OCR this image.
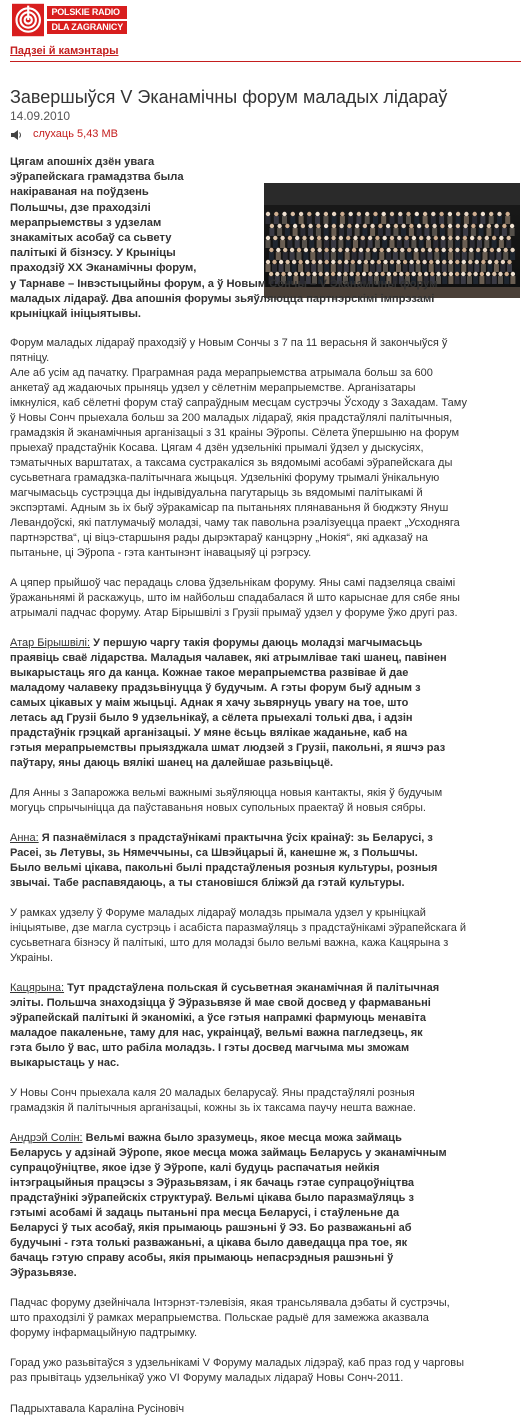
POLSKIE RADIO
DLA ZAGRANICY
Падзеі й камэнтары
Завершыўся V Эканамічны форум маладых лідараў
14.09.2010
слухаць 5,43 MB
Цягам апошніх дзён увага
эўрапейскага грамадзтва была
накіраваная на поўдзень
Польшчы, дзе праходзілі
мерапрыемствы з удзелам
знакамітых асобаў са сьвету
палітыкі й бізнэсу. У Крыніцы
праходзіў XX Эканамічны форум,
у Тарнаве – Інвэстыцыйны форум, а ў Новым Сончы – V Эканамічны форум
маладых лідараў. Два апошнія форумы зьяўляюцца партнэрскімі імпрэзамі
крыніцкай ініцыятывы.

Форум маладых лідараў праходзіў у Новым Сончы з 7 па 11 верасьня й закончыўся ў
пятніцу.
Але аб усім ад пачатку. Праграмная рада мерапрыемства атрымала больш за 600
анкетаў ад жадаючых прыняць удзел у сёлетнім мерапрыемстве. Арганізатары
імкнуліся, каб сёлетні форум стаў сапраўдным месцам сустрэчы Ўсходу з Захадам. Таму
ў Новы Сонч прыехала больш за 200 маладых лідараў, якія прадстаўлялі палітычныя,
грамадзкія й эканамічныя арганізацыі з 31 краіны Эўропы. Сёлета ўпершыню на форум
прыехаў прадстаўнік Косава. Цягам 4 дзён удзельнікі прымалі ўдзел у дыскусіях,
тэматычных варштатах, а таксама сустракаліся зь вядомымі асобамі эўрапейскага ды
сусьветнага грамадзка-палітычнага жыцьця. Удзельнікі форуму трымалі ўнікальную
магчымасьць сустрэцца ды індывідуальна пагутарыць зь вядомымі палітыкамі й
экспэртамі. Адным зь іх быў эўракамісар па пытаньнях плянаваньня й бюджэту Януш
Левандоўскі, які патлумачыў моладзі, чаму так павольна рэалізуецца праект „Усходняга
партнэрства“, ці віцэ-старшыня рады дырэктараў канцэрну „Нокія“, які адказаў на
пытаньне, ці Эўропа - гэта кантынэнт інавацыяў ці рэгрэсу.

А цяпер прыйшоў час перадаць слова ўдзельнікам форуму. Яны самі падзеляца сваімі
ўражаньнямі й раскажуць, што ім найбольш спадабалася й што карыснае для сябе яны
атрымалі падчас форуму. Атар Бірышвілі з Грузіі прымаў удзел у форуме ўжо другі раз.

Атар Бірышвілі: У першую чаргу такія форумы даюць моладзі магчымасьць
праявіць сваё лідарства. Маладыя чалавек, які атрымлівае такі шанец, павінен
выкарыстаць яго да канца. Кожнае такое мерапрыемства развівае й дае
маладому чалавеку прадзьвінуцца ў будучым. А гэты форум быў адным з
самых цікавых у маім жыцьці. Аднак я хачу зьвярнуць увагу на тое, што
летась ад Грузіі было 9 удзельнікаў, а сёлета прыехалі толькі два, і адзін
прадстаўнік грэцкай арганізацыі. У мяне ёсьць вялікае жаданьне, каб на
гэтыя мерапрыемствы прыязджала шмат людзей з Грузіі, пакольні, я яшчэ раз
паўтару, яны даюць вялікі шанец на далейшае разьвіцьцё.

Для Анны з Запарожжа вельмі важнымі зьяўляюцца новыя кантакты, якія ў будучым
могуць спрычыніцца да паўставаньня новых супольных праектаў й новыя сябры.

Анна: Я пазнаёмілася з прадстаўнікамі практычна ўсіх краінаў: зь Беларусі, з
Расеі, зь Летувы, зь Нямеччыны, са Швэйцарыі й, канешне ж, з Польшчы.
Было вельмі цікава, пакольні былі прадстаўленыя розныя культуры, розныя
звычаі. Табе распавядаюць, а ты становішся бліжэй да гэтай культуры.

У рамках удзелу ў Форуме маладых лідараў моладзь прымала удзел у крыніцкай
ініцыятыве, дзе магла сустрэць і асабіста паразмаўляць з прадстаўнікамі эўрапейскага й
сусьветнага бізнэсу й палітыкі, што для моладзі было вельмі важна, кажа Кацярына з
Украіны.

Кацярына: Тут прадстаўлена польская й сусьветная эканамічная й палітычная
эліты. Польшча знаходзіцца ў Эўразьвязе й мае свой досвед у фармаваньні
эўрапейскай палітыкі й эканомікі, а ўсе гэтыя напрамкі фармуюць менавіта
маладое пакаленьне, таму для нас, украінцаў, вельмі важна пагледзець, як
гэта было ў вас, што рабіла моладзь. І гэты досвед магчыма мы зможам
выкарыстаць у нас.

У Новы Сонч прыехала каля 20 маладых беларусаў. Яны прадстаўлялі розныя
грамадзкія й палітычныя арганізацыі, кожны зь іх таксама паучу нешта важнае.

Андрэй Солін: Вельмі важна было зразумець, якое месца можа займаць
Беларусь у адзінай Эўропе, якое месца можа займаць Беларусь у эканамічным
супрацоўніцтве, якое ідзе ў Эўропе, калі будуць распачатыя нейкія
інтэграцыйныя працэсы з Эўразьвязам, і як бачаць гэтае супрацоўніцтва
прадстаўнікі эўрапейскіх структураў. Вельмі цікава было паразмаўляць з
гэтымі асобамі й задаць пытаньні пра месца Беларусі, і стаўленьне да
Беларусі ў тых асобаў, якія прымаюць рашэньні ў ЭЗ. Бо разважаньні аб
будучыні - гэта толькі разважаньні, а цікава было даведацца пра тое, як
бачаць гэтую справу асобы, якія прымаюць непасрэдныя рашэньні ў
Эўразьвязе.

Падчас форуму дзейнічала Інтэрнэт-тэлевізія, якая трансьлявала дэбаты й сустрэчы,
што праходзілі ў рамках мерапрыемства. Польскае радыё для замежжа аказвала
форуму інфармацыйную падтрымку.

Горад ужо разьвітаўся з удзельнікамі V Форуму маладых лідэраў, каб праз год у чарговы
раз прывітаць удзельнікаў ужо VI Форуму маладых лідараў Новы Сонч-2011.

Падрыхтавала Караліна Русіновіч
